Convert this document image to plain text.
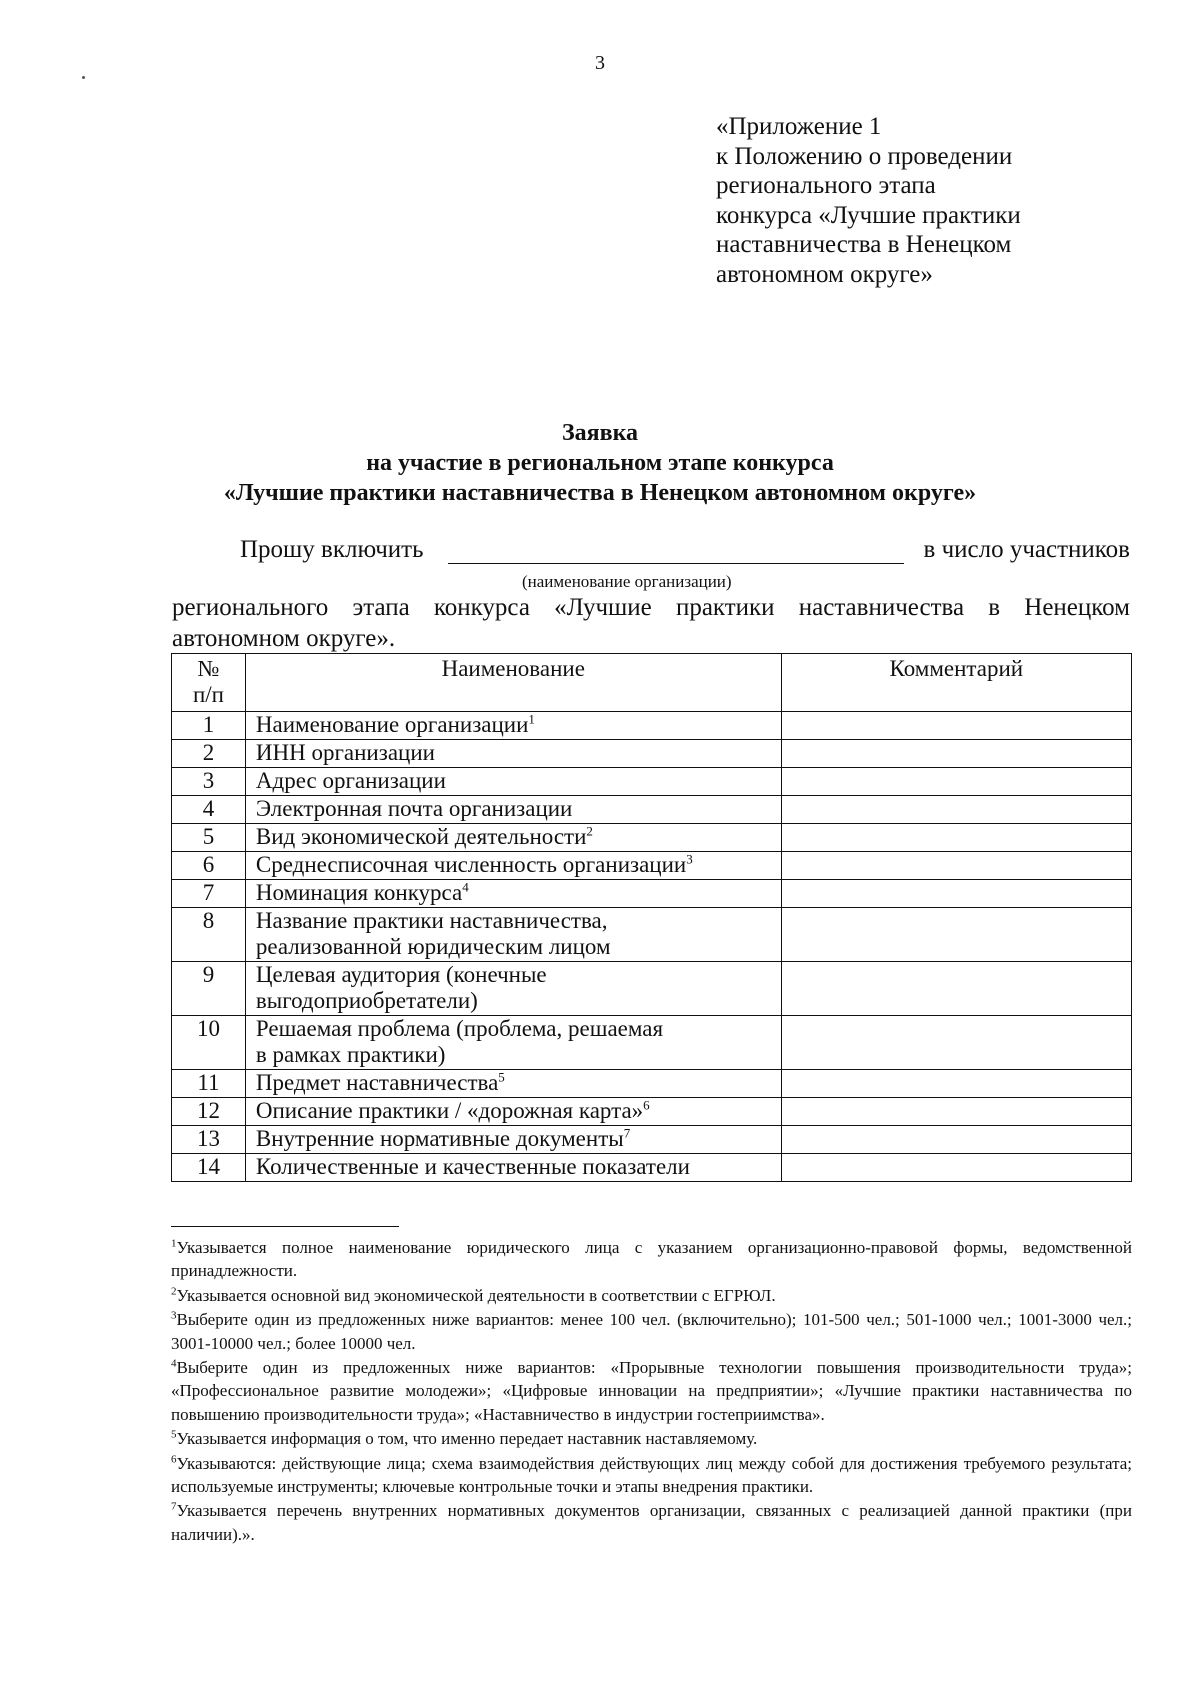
3
«Приложение 1
к Положению о проведении
регионального этапа
конкурса «Лучшие практики
наставничества в Ненецком
автономном округе»
Заявка
на участие в региональном этапе конкурса
«Лучшие практики наставничества в Ненецком автономном округе»
Прошу включить	в число участников
(наименование организации)
регионального этапа конкурса «Лучшие практики наставничества в Ненецком
автономном округе».
№
п/п	Наименование	Комментарий
1	Наименование организации$^1$	
2	ИНН организации	
3	Адрес организации	
4	Электронная почта организации	
5	Вид экономической деятельности$^2$	
6	Среднесписочная численность организации$^3$	
7	Номинация конкурса$^4$	
8	Название практики наставничества,
реализованной юридическим лицом	
9	Целевая аудитория (конечные
выгодоприобретатели)	
10	Решаемая проблема (проблема, решаемая
в рамках практики)	
11	Предмет наставничества$^5$	
12	Описание практики / «дорожная карта»$^6$	
13	Внутренние нормативные документы$^7$	
14	Количественные и качественные показатели	
$^1$Указывается полное наименование юридического лица с указанием организационно-правовой формы, ведомственной принадлежности.
$^2$Указывается основной вид экономической деятельности в соответствии с ЕГРЮЛ.
$^3$Выберите один из предложенных ниже вариантов: менее 100 чел. (включительно); 101-500 чел.; 501-1000 чел.; 1001-3000 чел.; 3001-10000 чел.; более 10000 чел.
$^4$Выберите один из предложенных ниже вариантов: «Прорывные технологии повышения производительности труда»; «Профессиональное развитие молодежи»; «Цифровые инновации на предприятии»; «Лучшие практики наставничества по повышению производительности труда»; «Наставничество в индустрии гостеприимства».
$^5$Указывается информация о том, что именно передает наставник наставляемому.
$^6$Указываются: действующие лица; схема взаимодействия действующих лиц между собой для достижения требуемого результата; используемые инструменты; ключевые контрольные точки и этапы внедрения практики.
$^7$Указывается перечень внутренних нормативных документов организации, связанных с реализацией данной практики (при наличии).».
